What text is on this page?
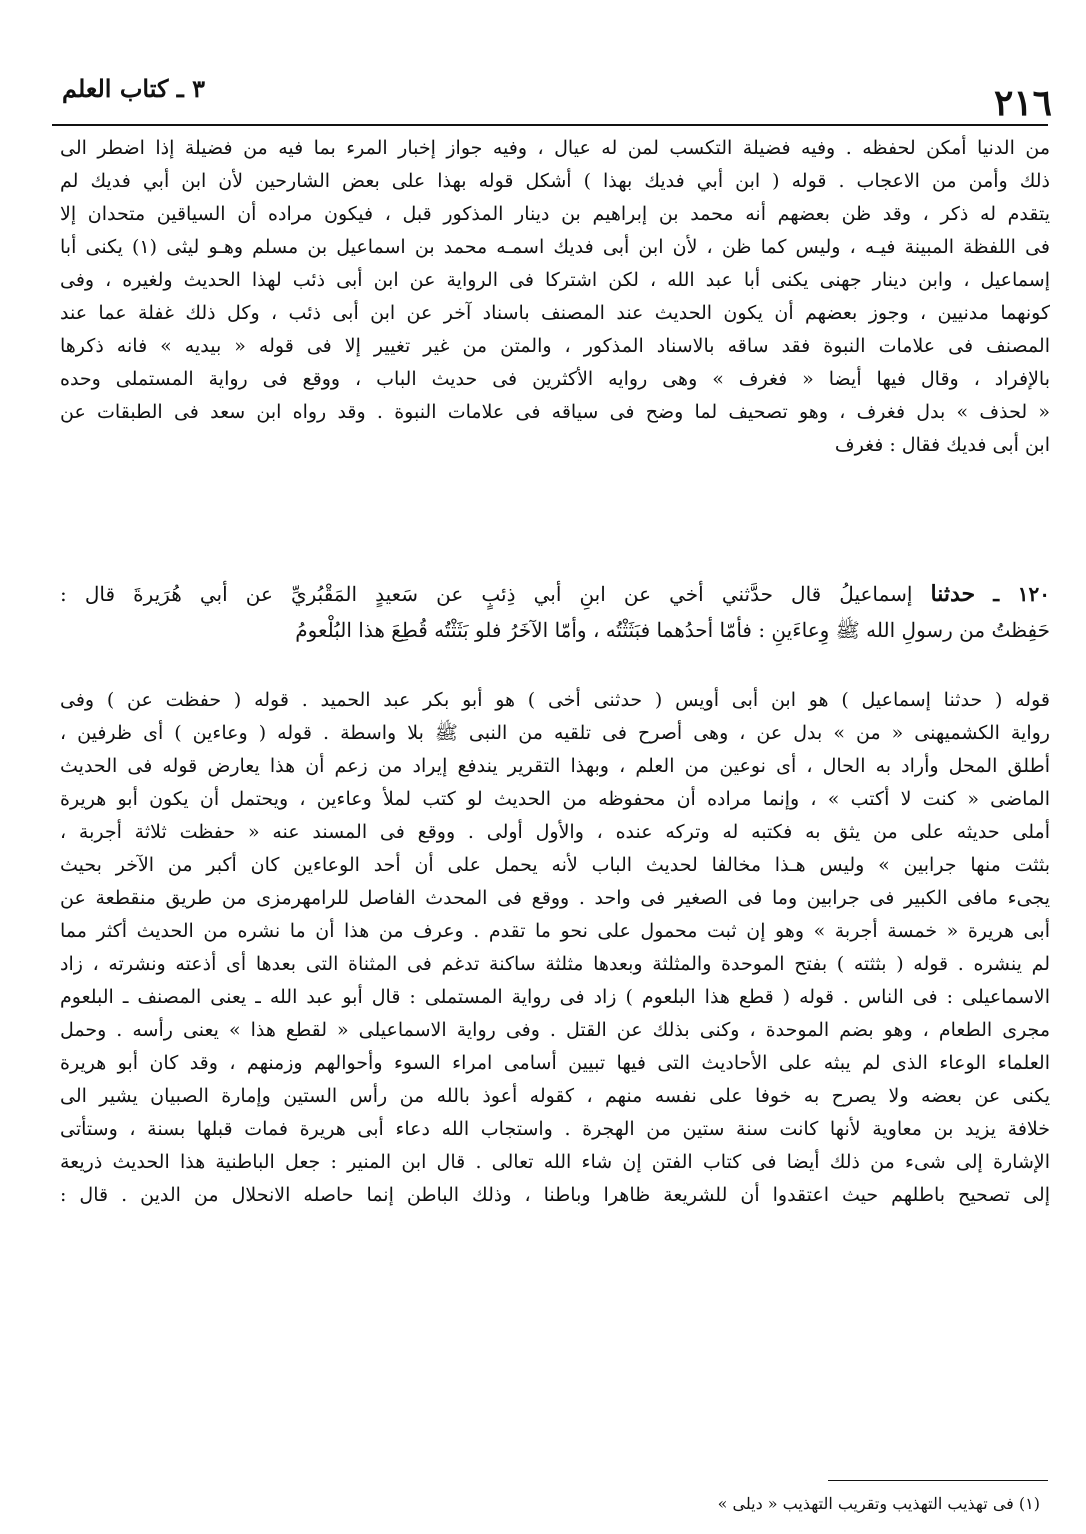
٢١٦
٣ ـ كتاب العلم
من الدنيا أمكن لحفظه . وفيه فضيلة التكسب لمن له عيال ، وفيه جواز إخبار المرء بما فيه من فضيلة إذا اضطر الى
ذلك وأمن من الاعجاب . قوله ( ابن أبي فديك بهذا ) أشكل قوله بهذا على بعض الشارحين لأن ابن أبي فديك لم
يتقدم له ذكر ، وقد ظن بعضهم أنه محمد بن إبراهيم بن دينار المذكور قبل ، فيكون مراده أن السياقين متحدان إلا
فى اللفظة المبينة فيـه ، وليس كما ظن ، لأن ابن أبى فديك اسمـه محمد بن اسماعيل بن مسلم وهـو ليثى (١) يكنى أبا
إسماعيل ، وابن دينار جهنى يكنى أبا عبد الله ، لكن اشتركا فى الرواية عن ابن أبى ذئب لهذا الحديث ولغيره ، وفى
كونهما مدنيين ، وجوز بعضهم أن يكون الحديث عند المصنف باسناد آخر عن ابن أبى ذئب ، وكل ذلك غفلة عما عند
المصنف فى علامات النبوة فقد ساقه بالاسناد المذكور ، والمتن من غير تغيير إلا فى قوله « بيديه » فانه ذكرها
بالإفراد ، وقال فيها أيضا « فغرف » وهى روايه الأكثرين فى حديث الباب ، ووقع فى رواية المستملى وحده
« لحذف » بدل فغرف ، وهو تصحيف لما وضح فى سياقه فى علامات النبوة . وقد رواه ابن سعد فى الطبقات عن
ابن أبى فديك فقال : فغرف
١٢٠ ـ حدثنا إسماعيلُ قال حدَّثني أخي عن ابنِ أبي ذِئبٍ عن سَعيدٍ المَقْبُريِّ عن أبي هُرَيرةَ قال :
حَفِظتُ من رسولِ الله ﷺ وِعاءَينِ : فأمّا أحدُهما فبَثَثْتُه ، وأمّا الآخَرُ فلو بَثَثْتُه قُطِعَ هذا البُلْعومُ
قوله ( حدثنا إسماعيل ) هو ابن أبى أويس ( حدثنى أخى ) هو أبو بكر عبد الحميد . قوله ( حفظت عن ) وفى
رواية الكشميهنى « من » بدل عن ، وهى أصرح فى تلقيه من النبى ﷺ بلا واسطة . قوله ( وعاءين ) أى ظرفين ،
أطلق المحل وأراد به الحال ، أى نوعين من العلم ، وبهذا التقرير يندفع إيراد من زعم أن هذا يعارض قوله فى الحديث
الماضى « كنت لا أكتب » ، وإنما مراده أن محفوظه من الحديث لو كتب لملأ وعاءين ، ويحتمل أن يكون أبو هريرة
أملى حديثه على من يثق به فكتبه له وتركه عنده ، والأول أولى . ووقع فى المسند عنه « حفظت ثلاثة أجربة ،
بثثت منها جرابين » وليس هـذا مخالفا لحديث الباب لأنه يحمل على أن أحد الوعاءين كان أكبر من الآخر بحيث
يجىء مافى الكبير فى جرابين وما فى الصغير فى واحد . ووقع فى المحدث الفاصل للرامهرمزى من طريق منقطعة عن
أبى هريرة « خمسة أجربة » وهو إن ثبت محمول على نحو ما تقدم . وعرف من هذا أن ما نشره من الحديث أكثر مما
لم ينشره . قوله ( بثثته ) بفتح الموحدة والمثلثة وبعدها مثلثة ساكنة تدغم فى المثناة التى بعدها أى أذعته ونشرته ، زاد
الاسماعيلى : فى الناس . قوله ( قطع هذا البلعوم ) زاد فى رواية المستملى : قال أبو عبد الله ـ يعنى المصنف ـ البلعوم
مجرى الطعام ، وهو بضم الموحدة ، وكنى بذلك عن القتل . وفى رواية الاسماعيلى « لقطع هذا » يعنى رأسه . وحمل
العلماء الوعاء الذى لم يبثه على الأحاديث التى فيها تبيين أسامى امراء السوء وأحوالهم وزمنهم ، وقد كان أبو هريرة
يكنى عن بعضه ولا يصرح به خوفا على نفسه منهم ، كقوله أعوذ بالله من رأس الستين وإمارة الصبيان يشير الى
خلافة يزيد بن معاوية لأنها كانت سنة ستين من الهجرة . واستجاب الله دعاء أبى هريرة فمات قبلها بسنة ، وستأتى
الإشارة إلى شىء من ذلك أيضا فى كتاب الفتن إن شاء الله تعالى . قال ابن المنير : جعل الباطنية هذا الحديث ذريعة
إلى تصحيح باطلهم حيث اعتقدوا أن للشريعة ظاهرا وباطنا ، وذلك الباطن إنما حاصله الانحلال من الدين . قال :
(١) فى تهذيب التهذيب وتقريب التهذيب « ديلى »
